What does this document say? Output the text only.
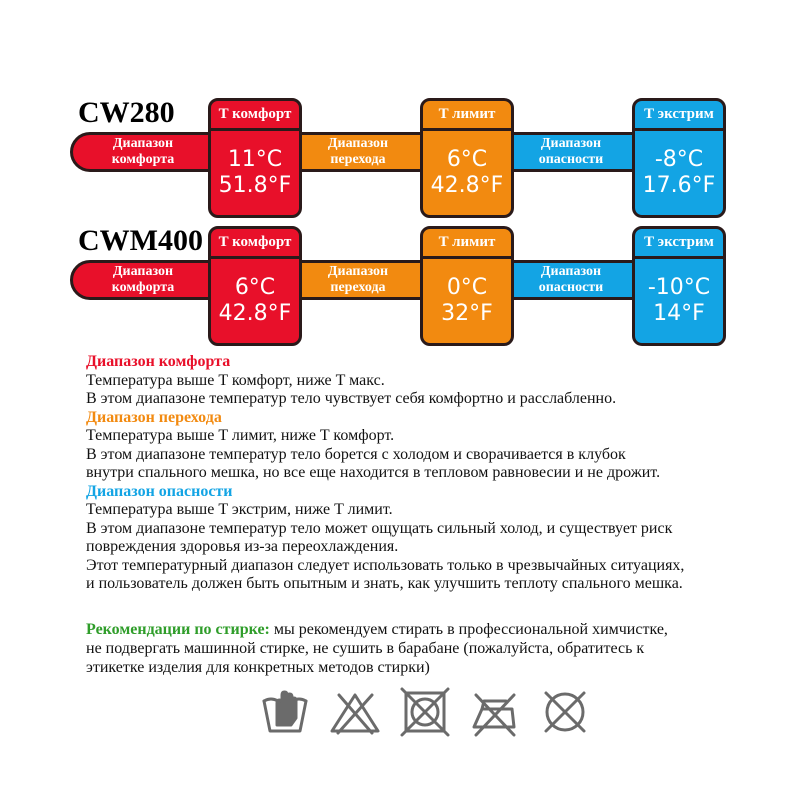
CW280
Диапазон
комфорта
Диапазон
перехода
Диапазон
опасности
T комфорт
11°C
51.8°F
T лимит
6°C
42.8°F
T экстрим
-8°C
17.6°F
CWM400
Диапазон
комфорта
Диапазон
перехода
Диапазон
опасности
T комфорт
6°C
42.8°F
T лимит
0°C
32°F
T экстрим
-10°C
14°F

Диапазон комфорта

Температура выше T комфорт, ниже T макс.

В этом диапазоне температур тело чувствует себя комфортно и расслабленно.

Диапазон перехода

Температура выше T лимит, ниже T комфорт.

В этом диапазоне температур тело борется с холодом и сворачивается в клубок

внутри спального мешка, но все еще находится в тепловом равновесии и не дрожит.

Диапазон опасности

Температура выше T экстрим, ниже T лимит.

В этом диапазоне температур тело может ощущать сильный холод, и существует риск

повреждения здоровья из-за переохлаждения.

Этот температурный диапазон следует использовать только в чрезвычайных ситуациях,

и пользователь должен быть опытным и знать, как улучшить теплоту спального мешка.

Рекомендации по стирке: мы рекомендуем стирать в профессиональной химчистке,
не подвергать машинной стирке, не сушить в барабане (пожалуйста, обратитесь к
этикетке изделия для конкретных методов стирки)
